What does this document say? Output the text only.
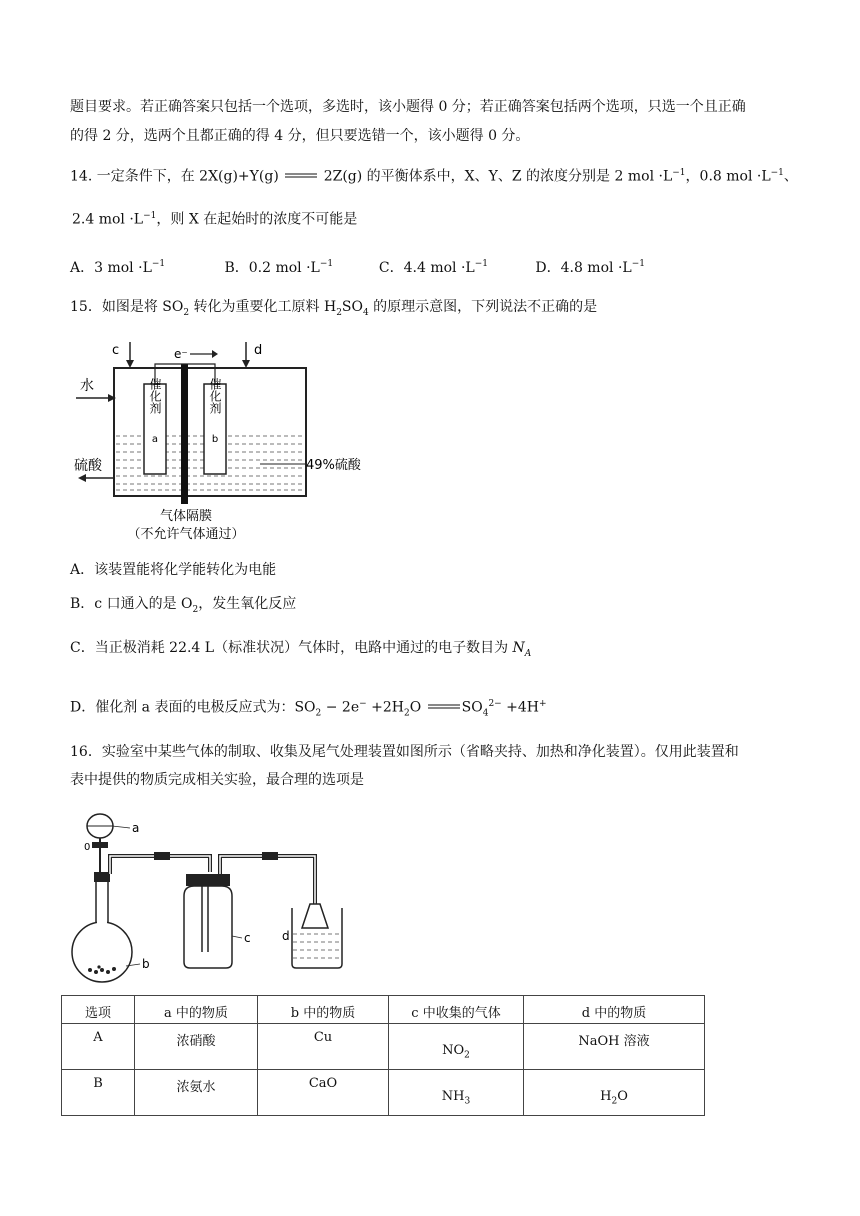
题目要求。若正确答案只包括一个选项，多选时，该小题得 0 分；若正确答案包括两个选项，只选一个且正确
的得 2 分，选两个且都正确的得 4 分，但只要选错一个，该小题得 0 分。
14. 一定条件下，在 2X(g)+Y(g)	2Z(g) 的平衡体系中，X、Y、Z 的浓度分别是 2 mol $\cdot L^{-1}$，0.8 mol $\cdot L^{-1}$、
2.4 mol $\cdot L^{-1}$，则 X 在起始时的浓度不可能是
A．3 mol $\cdot L^{-1}$	B．0.2 mol $\cdot L^{-1}$	C．4.4 mol $\cdot L^{-1}$	D．4.8 mol $\cdot L^{-1}$
15．如图是将 $SO_2$ 转化为重要化工原料 $H_2SO_4$ 的原理示意图，下列说法不正确的是
催化剂
a
催化剂
b
e⁻
c	d
水
硫酸	49%硫酸
气体隔膜
（不允许气体通过）
A．该装置能将化学能转化为电能
B．c 口通入的是 $O_2$，发生氧化反应
C．当正极消耗 22.4 L（标准状况）气体时，电路中通过的电子数目为 $N_A$
D．催化剂 a 表面的电极反应式为：$SO_2 - 2e^- +2H_2O$	$SO_4^{2-} +4H^+$
16．实验室中某些气体的制取、收集及尾气处理装置如图所示（省略夹持、加热和净化装置）。仅用此装置和
表中提供的物质完成相关实验，最合理的选项是
a
0
b
c	d
选项	a 中的物质	b 中的物质	c 中收集的气体	d 中的物质
A	浓硝酸	Cu	$NO_2$	NaOH 溶液
B	浓氨水	CaO	$NH_3$	$H_2O$
